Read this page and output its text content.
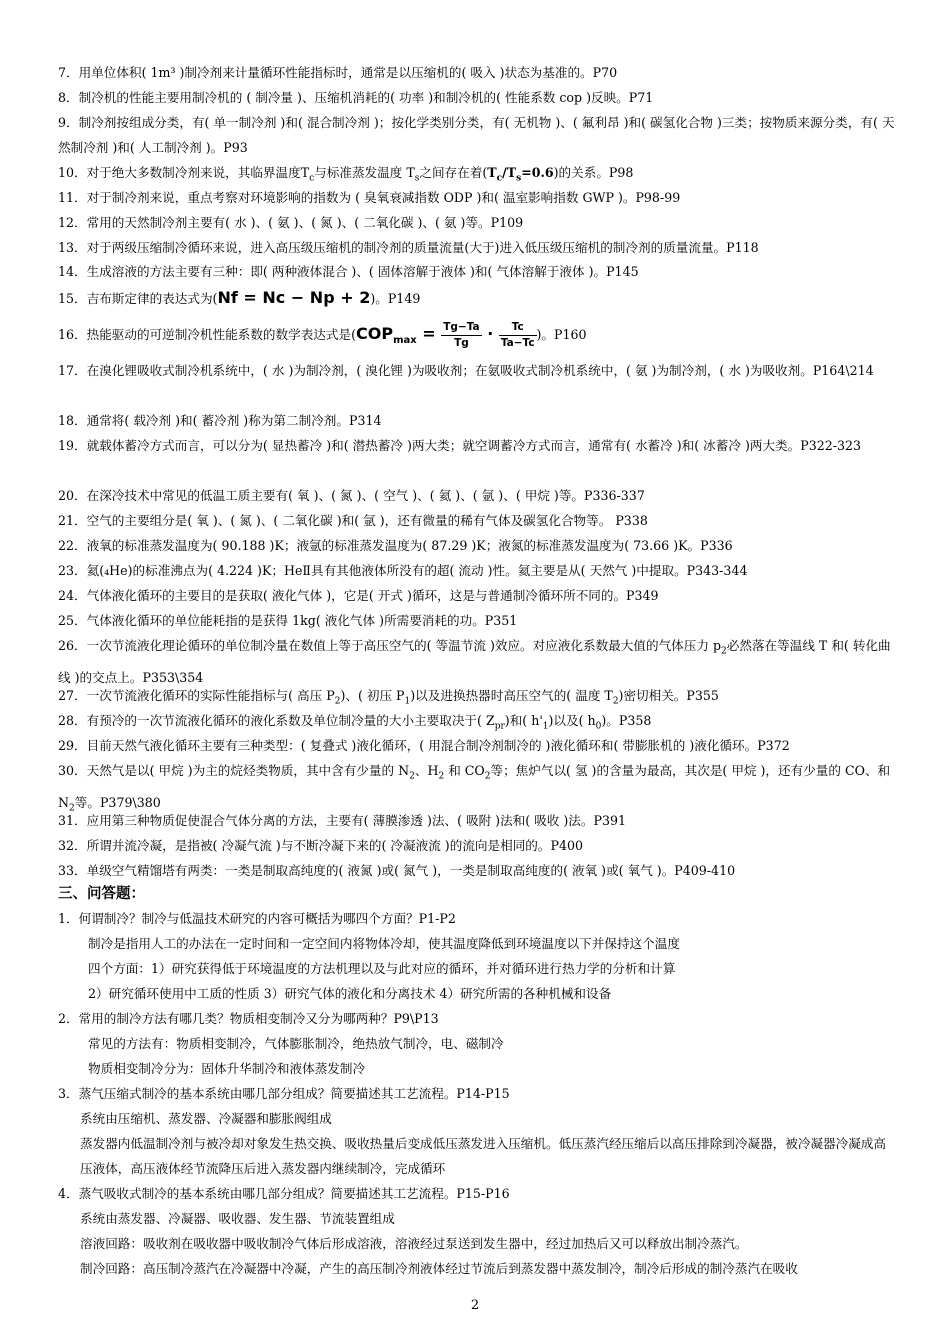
7．用单位体积( 1m³ )制冷剂来计量循环性能指标时，通常是以压缩机的( 吸入 )状态为基准的。P70
8．制冷机的性能主要用制冷机的 ( 制冷量 )、压缩机消耗的( 功率 )和制冷机的( 性能系数 cop )反映。P71
9．制冷剂按组成分类，有( 单一制冷剂 )和( 混合制冷剂 )；按化学类别分类，有( 无机物 )、( 氟利昂 )和( 碳氢化合物 )三类；按物质来源分类，有( 天然制冷剂 )和( 人工制冷剂 )。P93
10．对于绝大多数制冷剂来说，其临界温度$T_c$与标准蒸发温度 $T_s$之间存在着$(T_c/T_s=0.6)$的关系。P98
11．对于制冷剂来说，重点考察对环境影响的指数为 ( 臭氧衰减指数 ODP )和( 温室影响指数 GWP )。P98-99
12．常用的天然制冷剂主要有( 水 )、( 氨 )、( 氮 )、( 二氧化碳 )、( 氨 )等。P109
13．对于两级压缩制冷循环来说，进入高压级压缩机的制冷剂的质量流量(大于)进入低压级压缩机的制冷剂的质量流量。P118
14．生成溶液的方法主要有三种：即( 两种液体混合 )、( 固体溶解于液体 )和( 气体溶解于液体 )。P145
15．吉布斯定律的表达式为(Nf = Nc − Np + 2)。P149
16．热能驱动的可逆制冷机性能系数的数学表达式是($COP_{max} = \frac{Tg-Ta}{Tg} \cdot \frac{Tc}{Ta-Tc}$ )。P160
17．在溴化锂吸收式制冷机系统中，( 水 )为制冷剂，( 溴化锂 )为吸收剂；在氨吸收式制冷机系统中，( 氨 )为制冷剂，( 水 )为吸收剂。P164\214
18．通常将( 载冷剂 )和( 蓄冷剂 )称为第二制冷剂。P314
19．就载体蓄冷方式而言，可以分为( 显热蓄冷 )和( 潜热蓄冷 )两大类；就空调蓄冷方式而言，通常有( 水蓄冷 )和( 冰蓄冷 )两大类。P322-323
20．在深冷技术中常见的低温工质主要有( 氧 )、( 氮 )、( 空气 )、( 氦 )、( 氩 )、( 甲烷 )等。P336-337
21．空气的主要组分是( 氧 )、( 氮 )、( 二氧化碳 )和( 氩 )，还有微量的稀有气体及碳氢化合物等。 P338
22．液氧的标准蒸发温度为( 90.188 )K；液氩的标准蒸发温度为( 87.29 )K；液氮的标准蒸发温度为( 73.66 )K。P336
23．氦(₄He)的标准沸点为( 4.224 )K；HeⅡ具有其他液体所没有的超( 流动 )性。氦主要是从( 天然气 )中提取。P343-344
24．气体液化循环的主要目的是获取( 液化气体 )，它是( 开式 )循环，这是与普通制冷循环所不同的。P349
25．气体液化循环的单位能耗指的是获得 1kg( 液化气体 )所需要消耗的功。P351
26．一次节流液化理论循环的单位制冷量在数值上等于高压空气的( 等温节流 )效应。对应液化系数最大值的气体压力 $p_2$必然落在等温线 T 和( 转化曲线 )的交点上。P353\354
27．一次节流液化循环的实际性能指标与( 高压 $P_2$)、( 初压 $P_1$)以及进换热器时高压空气的( 温度 $T_2$)密切相关。P355
28．有预冷的一次节流液化循环的液化系数及单位制冷量的大小主要取决于( $Z_{pr}$)和( $h'_1$)以及( $h_0$)。P358
29．目前天然气液化循环主要有三种类型：( 复叠式 )液化循环，( 用混合制冷剂制冷的 )液化循环和( 带膨胀机的 )液化循环。P372
30．天然气是以( 甲烷 )为主的烷烃类物质，其中含有少量的 $N_2$、$H_2$ 和 $CO_2$等；焦炉气以( 氢 )的含量为最高，其次是( 甲烷 )，还有少量的 CO、和 $N_2$等。P379\380
31．应用第三种物质促使混合气体分离的方法，主要有( 薄膜渗透 )法、( 吸附 )法和( 吸收 )法。P391
32．所谓并流冷凝，是指被( 冷凝气流 )与不断冷凝下来的( 冷凝液流 )的流向是相同的。P400
33．单级空气精馏塔有两类：一类是制取高纯度的( 液氮 )或( 氮气 )，一类是制取高纯度的( 液氧 )或( 氧气 )。P409-410
三、问答题：
1．何谓制冷？制冷与低温技术研究的内容可概括为哪四个方面？P1-P2
制冷是指用人工的办法在一定时间和一定空间内将物体冷却，使其温度降低到环境温度以下并保持这个温度
四个方面：1）研究获得低于环境温度的方法机理以及与此对应的循环，并对循环进行热力学的分析和计算
2）研究循环使用中工质的性质 3）研究气体的液化和分离技术 4）研究所需的各种机械和设备
2．常用的制冷方法有哪几类？物质相变制冷又分为哪两种？P9\P13
常见的方法有：物质相变制冷，气体膨胀制冷，绝热放气制冷，电、磁制冷
物质相变制冷分为：固体升华制冷和液体蒸发制冷
3．蒸气压缩式制冷的基本系统由哪几部分组成？简要描述其工艺流程。P14-P15
系统由压缩机、蒸发器、冷凝器和膨胀阀组成
蒸发器内低温制冷剂与被冷却对象发生热交换、吸收热量后变成低压蒸发进入压缩机。低压蒸汽经压缩后以高压排除到冷凝器，被冷凝器冷凝成高压液体，高压液体经节流降压后进入蒸发器内继续制冷，完成循环
4．蒸气吸收式制冷的基本系统由哪几部分组成？简要描述其工艺流程。P15-P16
系统由蒸发器、冷凝器、吸收器、发生器、节流装置组成
溶液回路：吸收剂在吸收器中吸收制冷气体后形成溶液，溶液经过泵送到发生器中，经过加热后又可以释放出制冷蒸汽。
制冷回路：高压制冷蒸汽在冷凝器中冷凝，产生的高压制冷剂液体经过节流后到蒸发器中蒸发制冷，制冷后形成的制冷蒸汽在吸收
2
